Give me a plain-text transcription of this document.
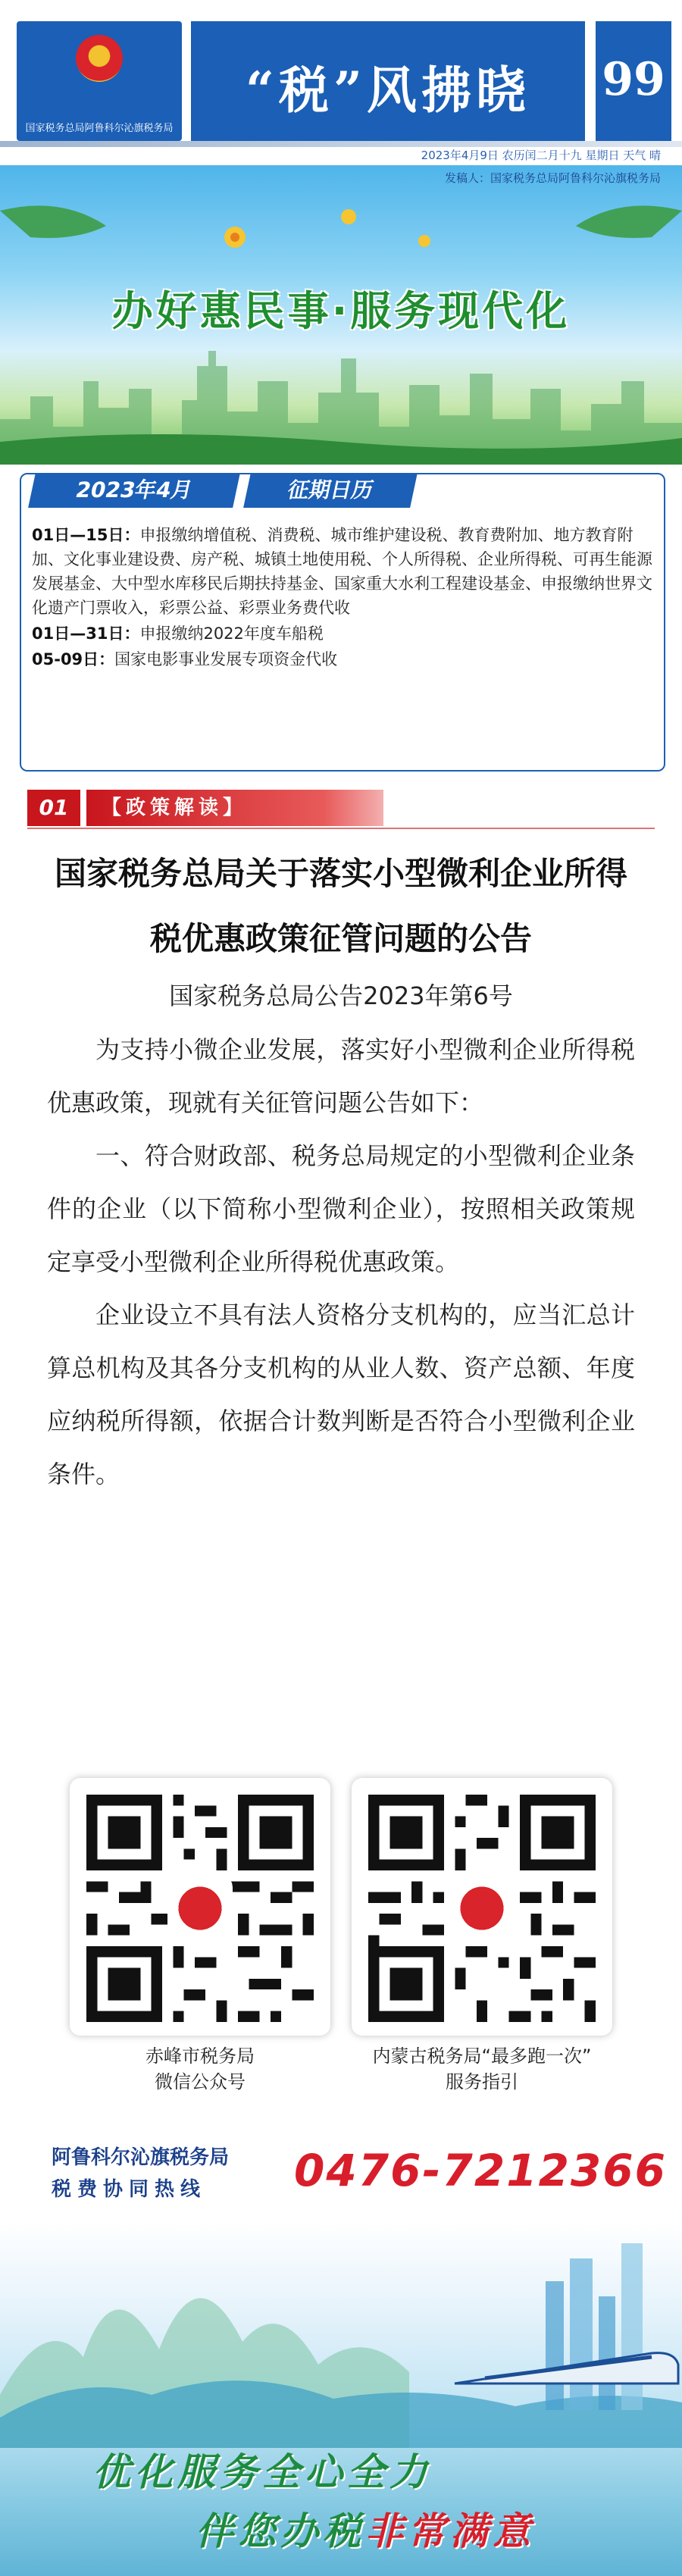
国家税务总局阿鲁科尔沁旗税务局
“税”风拂晓	99
2023年4月9日 农历闰二月十九 星期日 天气 晴
发稿人：国家税务总局阿鲁科尔沁旗税务局
办好惠民事·服务现代化
2023年4月	征期日历

01日—15日：申报缴纳增值税、消费税、城市维护建设税、教育费附加、地方教育附加、文化事业建设费、房产税、城镇土地使用税、个人所得税、企业所得税、可再生能源发展基金、大中型水库移民后期扶持基金、国家重大水利工程建设基金、申报缴纳世界文化遗产门票收入，彩票公益、彩票业务费代收

01日—31日：申报缴纳2022年度车船税

05-09日：国家电影事业发展专项资金代收

01	【政策解读】
国家税务总局关于落实小型微利企业所得税优惠政策征管问题的公告
国家税务总局公告2023年第6号

为支持小微企业发展，落实好小型微利企业所得税优惠政策，现就有关征管问题公告如下：

一、符合财政部、税务总局规定的小型微利企业条件的企业（以下简称小型微利企业），按照相关政策规定享受小型微利企业所得税优惠政策。

企业设立不具有法人资格分支机构的，应当汇总计算总机构及其各分支机构的从业人数、资产总额、年度应纳税所得额，依据合计数判断是否符合小型微利企业条件。

赤峰市税务局
微信公众号
内蒙古税务局“最多跑一次”
服务指引
阿鲁科尔沁旗税务局
税费协同热线 0476-7212366
优化服务全心全力
伴您办税非常满意
